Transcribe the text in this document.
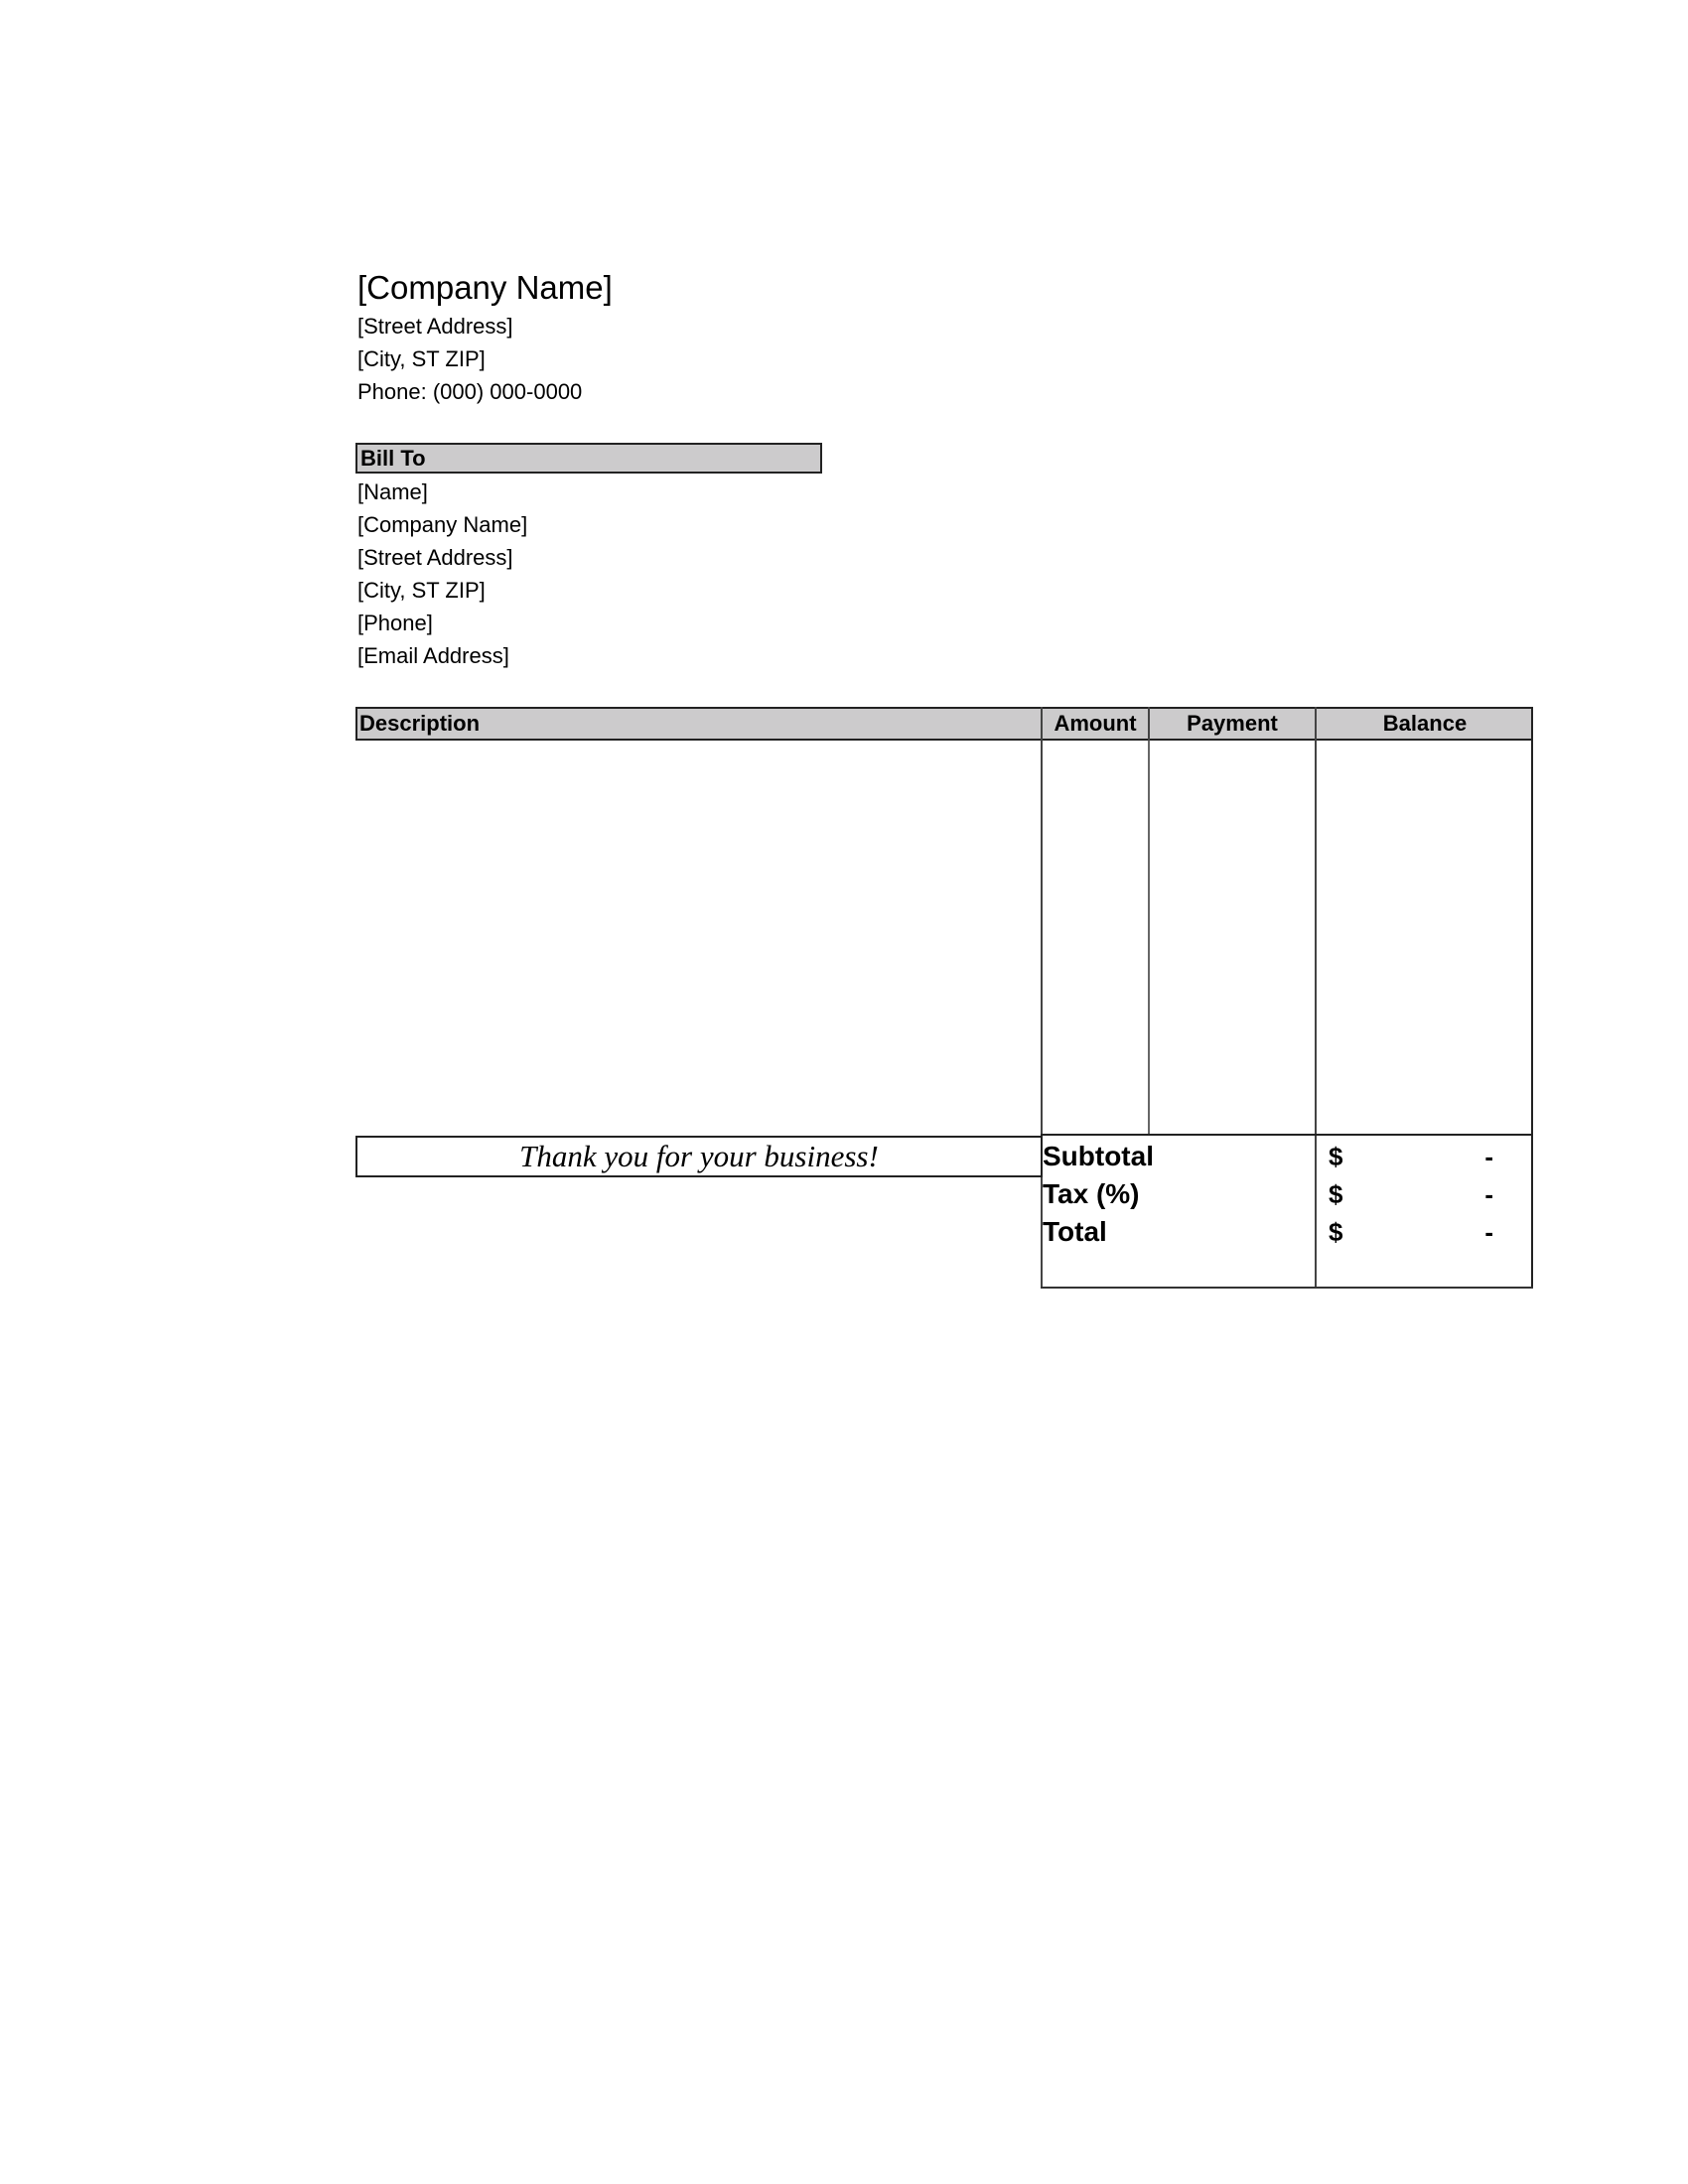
[Company Name]
[Street Address]
[City, ST ZIP]
Phone: (000) 000-0000
Bill To
[Name]
[Company Name]
[Street Address]
[City, ST ZIP]
[Phone]
[Email Address]
Description	Amount	Payment	Balance
Thank you for your business!	Subtotal	$	-
Tax (%)	$	-
Total	$	-
